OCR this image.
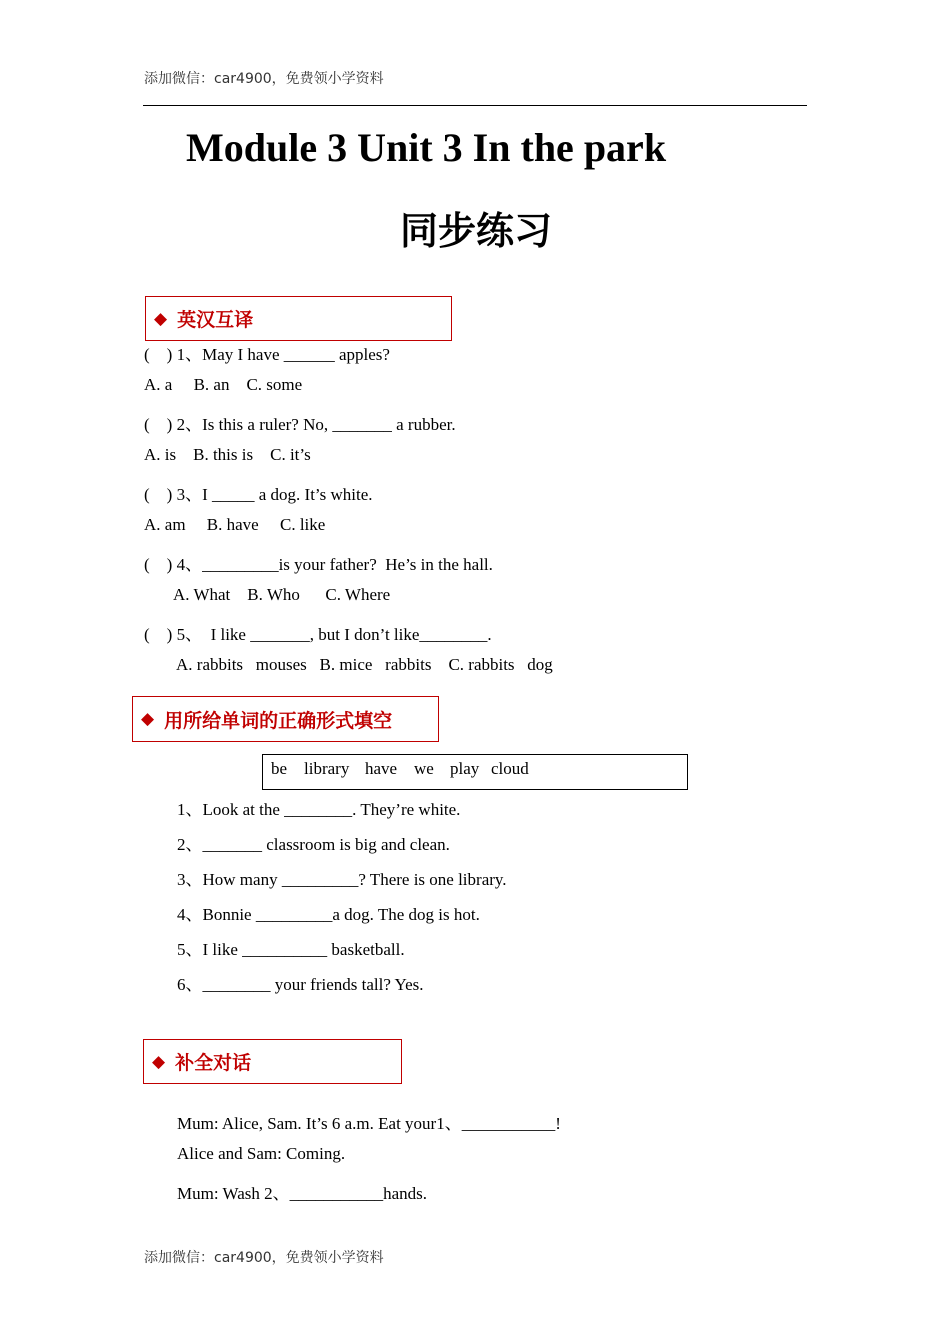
添加微信：car4900，免费领小学资料
Module 3 Unit 3 In the park
同步练习
◆ 英汉互译
(    ) 1、May I have ______ apples?
A. a     B. an    C. some
(    ) 2、Is this a ruler? No, _______ a rubber.
A. is    B. this is    C. it’s
(    ) 3、I _____ a dog. It’s white.
A. am     B. have     C. like
(    ) 4、_________is your father?  He’s in the hall.
A. What    B. Who      C. Where
(    ) 5、  I like _______, but I don’t like________.
A. rabbits   mouses   B. mice   rabbits    C. rabbits   dog
◆ 用所给单词的正确形式填空
be library have we play cloud
1、Look at the ________. They’re white.
2、_______ classroom is big and clean.
3、How many _________? There is one library.
4、Bonnie _________a dog. The dog is hot.
5、I like __________ basketball.
6、________ your friends tall? Yes.
◆ 补全对话
Mum: Alice, Sam. It’s 6 a.m. Eat your1、___________!
Alice and Sam: Coming.
Mum: Wash 2、___________hands.
添加微信：car4900，免费领小学资料
